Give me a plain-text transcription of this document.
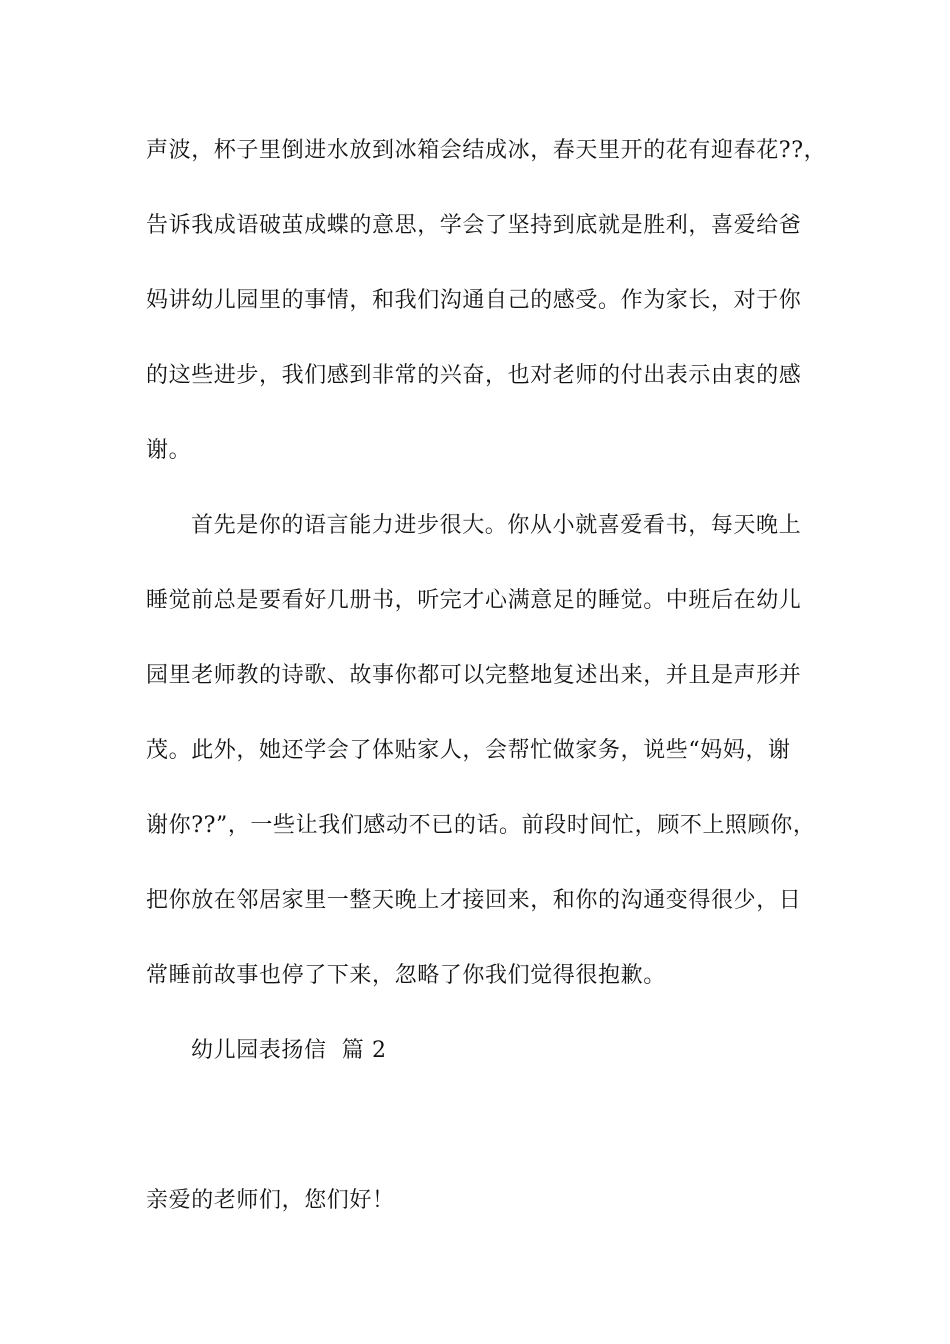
声波，杯子里倒进水放到冰箱会结成冰，春天里开的花有迎春花??，
告诉我成语破茧成蝶的意思，学会了坚持到底就是胜利，喜爱给爸
妈讲幼儿园里的事情，和我们沟通自己的感受。作为家长，对于你
的这些进步，我们感到非常的兴奋，也对老师的付出表示由衷的感
谢。
首先是你的语言能力进步很大。你从小就喜爱看书，每天晚上
睡觉前总是要看好几册书，听完才心满意足的睡觉。中班后在幼儿
园里老师教的诗歌、故事你都可以完整地复述出来，并且是声形并
茂。此外，她还学会了体贴家人，会帮忙做家务，说些“妈妈，谢
谢你??”，一些让我们感动不已的话。前段时间忙，顾不上照顾你，
把你放在邻居家里一整天晚上才接回来，和你的沟通变得很少，日
常睡前故事也停了下来，忽略了你我们觉得很抱歉。
幼儿园表扬信  篇 2
亲爱的老师们，您们好！
